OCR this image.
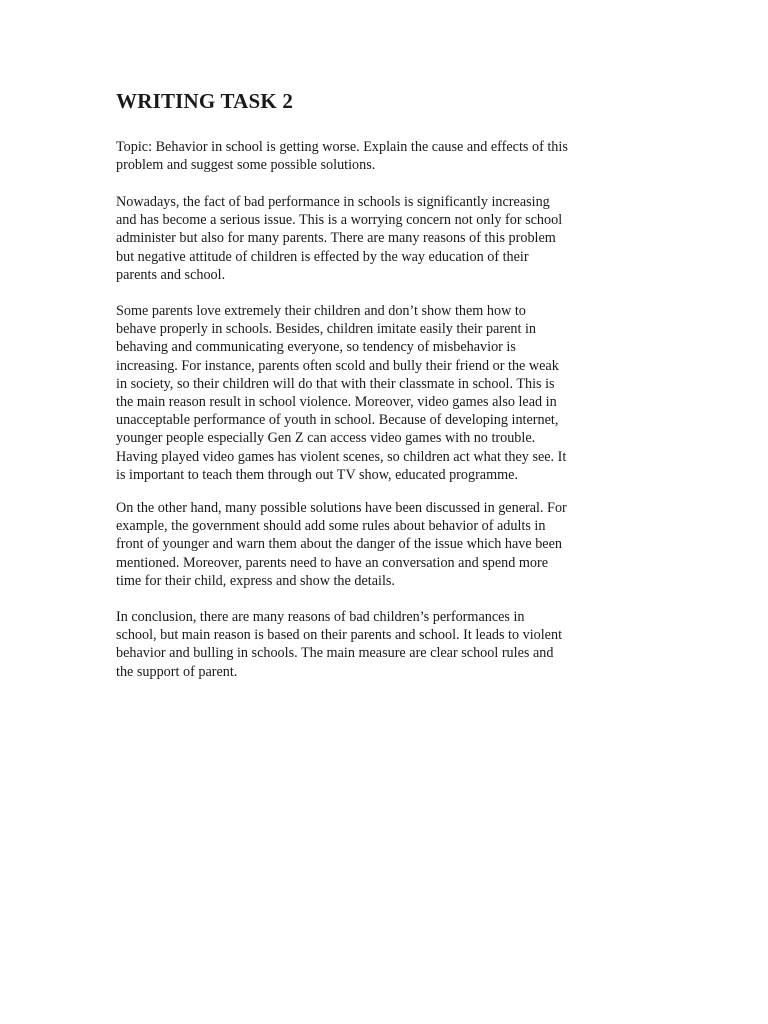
WRITING TASK 2

Topic: Behavior in school is getting worse. Explain the cause and effects of this
problem and suggest some possible solutions.

Nowadays, the fact of bad performance in schools is significantly increasing
and has become a serious issue. This is a worrying concern not only for school
administer but also for many parents. There are many reasons of this problem
but negative attitude of children is effected by the way education of their
parents and school.

Some parents love extremely their children and don’t show them how to
behave properly in schools. Besides, children imitate easily their parent in
behaving and communicating everyone, so tendency of misbehavior is
increasing. For instance, parents often scold and bully their friend or the weak
in society, so their children will do that with their classmate in school. This is
the main reason result in school violence. Moreover, video games also lead in
unacceptable performance of youth in school. Because of developing internet,
younger people especially Gen Z can access video games with no trouble.
Having played video games has violent scenes, so children act what they see. It
is important to teach them through out TV show, educated programme.

On the other hand, many possible solutions have been discussed in general. For
example, the government should add some rules about behavior of adults in
front of younger and warn them about the danger of the issue which have been
mentioned. Moreover, parents need to have an conversation and spend more
time for their child, express and show the details.

In conclusion, there are many reasons of bad children’s performances in
school, but main reason is based on their parents and school. It leads to violent
behavior and bulling in schools. The main measure are clear school rules and
the support of parent.
